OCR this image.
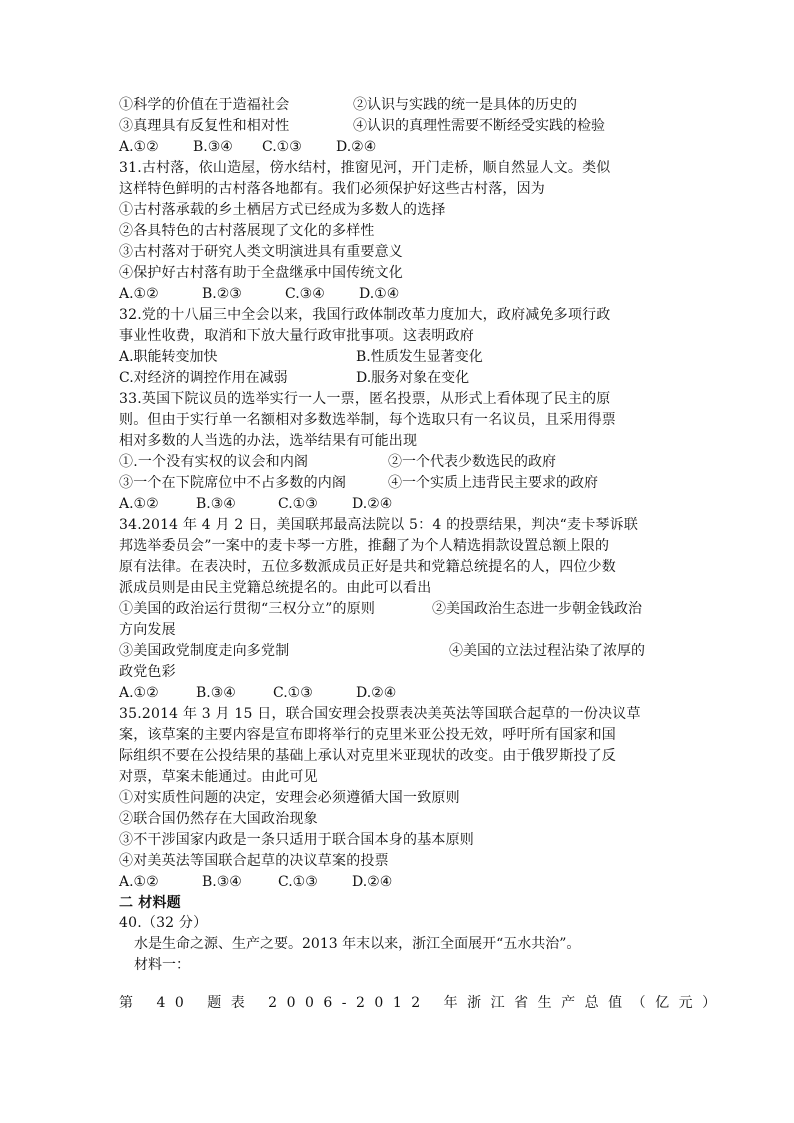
①科学的价值在于造福社会	②认识与实践的统一是具体的历史的
③真理具有反复性和相对性	④认识的真理性需要不断经受实践的检验
A.①② B.③④ C.①③ D.②④
31.古村落，依山造屋，傍水结村，推窗见河，开门走桥，顺自然显人文。类似
这样特色鲜明的古村落各地都有。我们必须保护好这些古村落，因为
①古村落承载的乡土栖居方式已经成为多数人的选择
②各具特色的古村落展现了文化的多样性
③古村落对于研究人类文明演进具有重要意义
④保护好古村落有助于全盘继承中国传统文化
A.①②	B.②③	C.③④ D.①④
32.党的十八届三中全会以来，我国行政体制改革力度加大，政府减免多项行政
事业性收费，取消和下放大量行政审批事项。这表明政府
A.职能转变加快	B.性质发生显著变化
C.对经济的调控作用在减弱	D.服务对象在变化
33.英国下院议员的选举实行一人一票，匿名投票，从形式上看体现了民主的原
则。但由于实行单一名额相对多数选举制，每个选取只有一名议员，且采用得票
相对多数的人当选的办法，选举结果有可能出现
①.一个没有实权的议会和内阁	②一个代表少数选民的政府
③一个在下院席位中不占多数的内阁	④一个实质上违背民主要求的政府
A.①②	B.③④	C.①③ D.②④
34.2014 年 4 月 2 日，美国联邦最高法院以 5：4 的投票结果，判决“麦卡琴诉联
邦选举委员会”一案中的麦卡琴一方胜，推翻了为个人精选捐款设置总额上限的
原有法律。在表决时，五位多数派成员正好是共和党籍总统提名的人，四位少数
派成员则是由民主党籍总统提名的。由此可以看出
①美国的政治运行贯彻“三权分立”的原则	②美国政治生态进一步朝金钱政治
方向发展
③美国政党制度走向多党制	④美国的立法过程沾染了浓厚的
政党色彩
A.①②	B.③④	C.①③	D.②④
35.2014 年 3 月 15 日，联合国安理会投票表决美英法等国联合起草的一份决议草
案，该草案的主要内容是宣布即将举行的克里米亚公投无效，呼吁所有国家和国
际组织不要在公投结果的基础上承认对克里米亚现状的改变。由于俄罗斯投了反
对票，草案未能通过。由此可见
①对实质性问题的决定，安理会必须遵循大国一致原则
②联合国仍然存在大国政治现象
③不干涉国家内政是一条只适用于联合国本身的基本原则
④对美英法等国联合起草的决议草案的投票
A.①②	B.③④	C.①③ D.②④
二 材料题
40.（32 分）
水是生命之源、生产之要。2013 年末以来，浙江全面展开“五水共治”。
材料一：
第 40 题表 2006-2012 年浙江省生产总值（亿元）
